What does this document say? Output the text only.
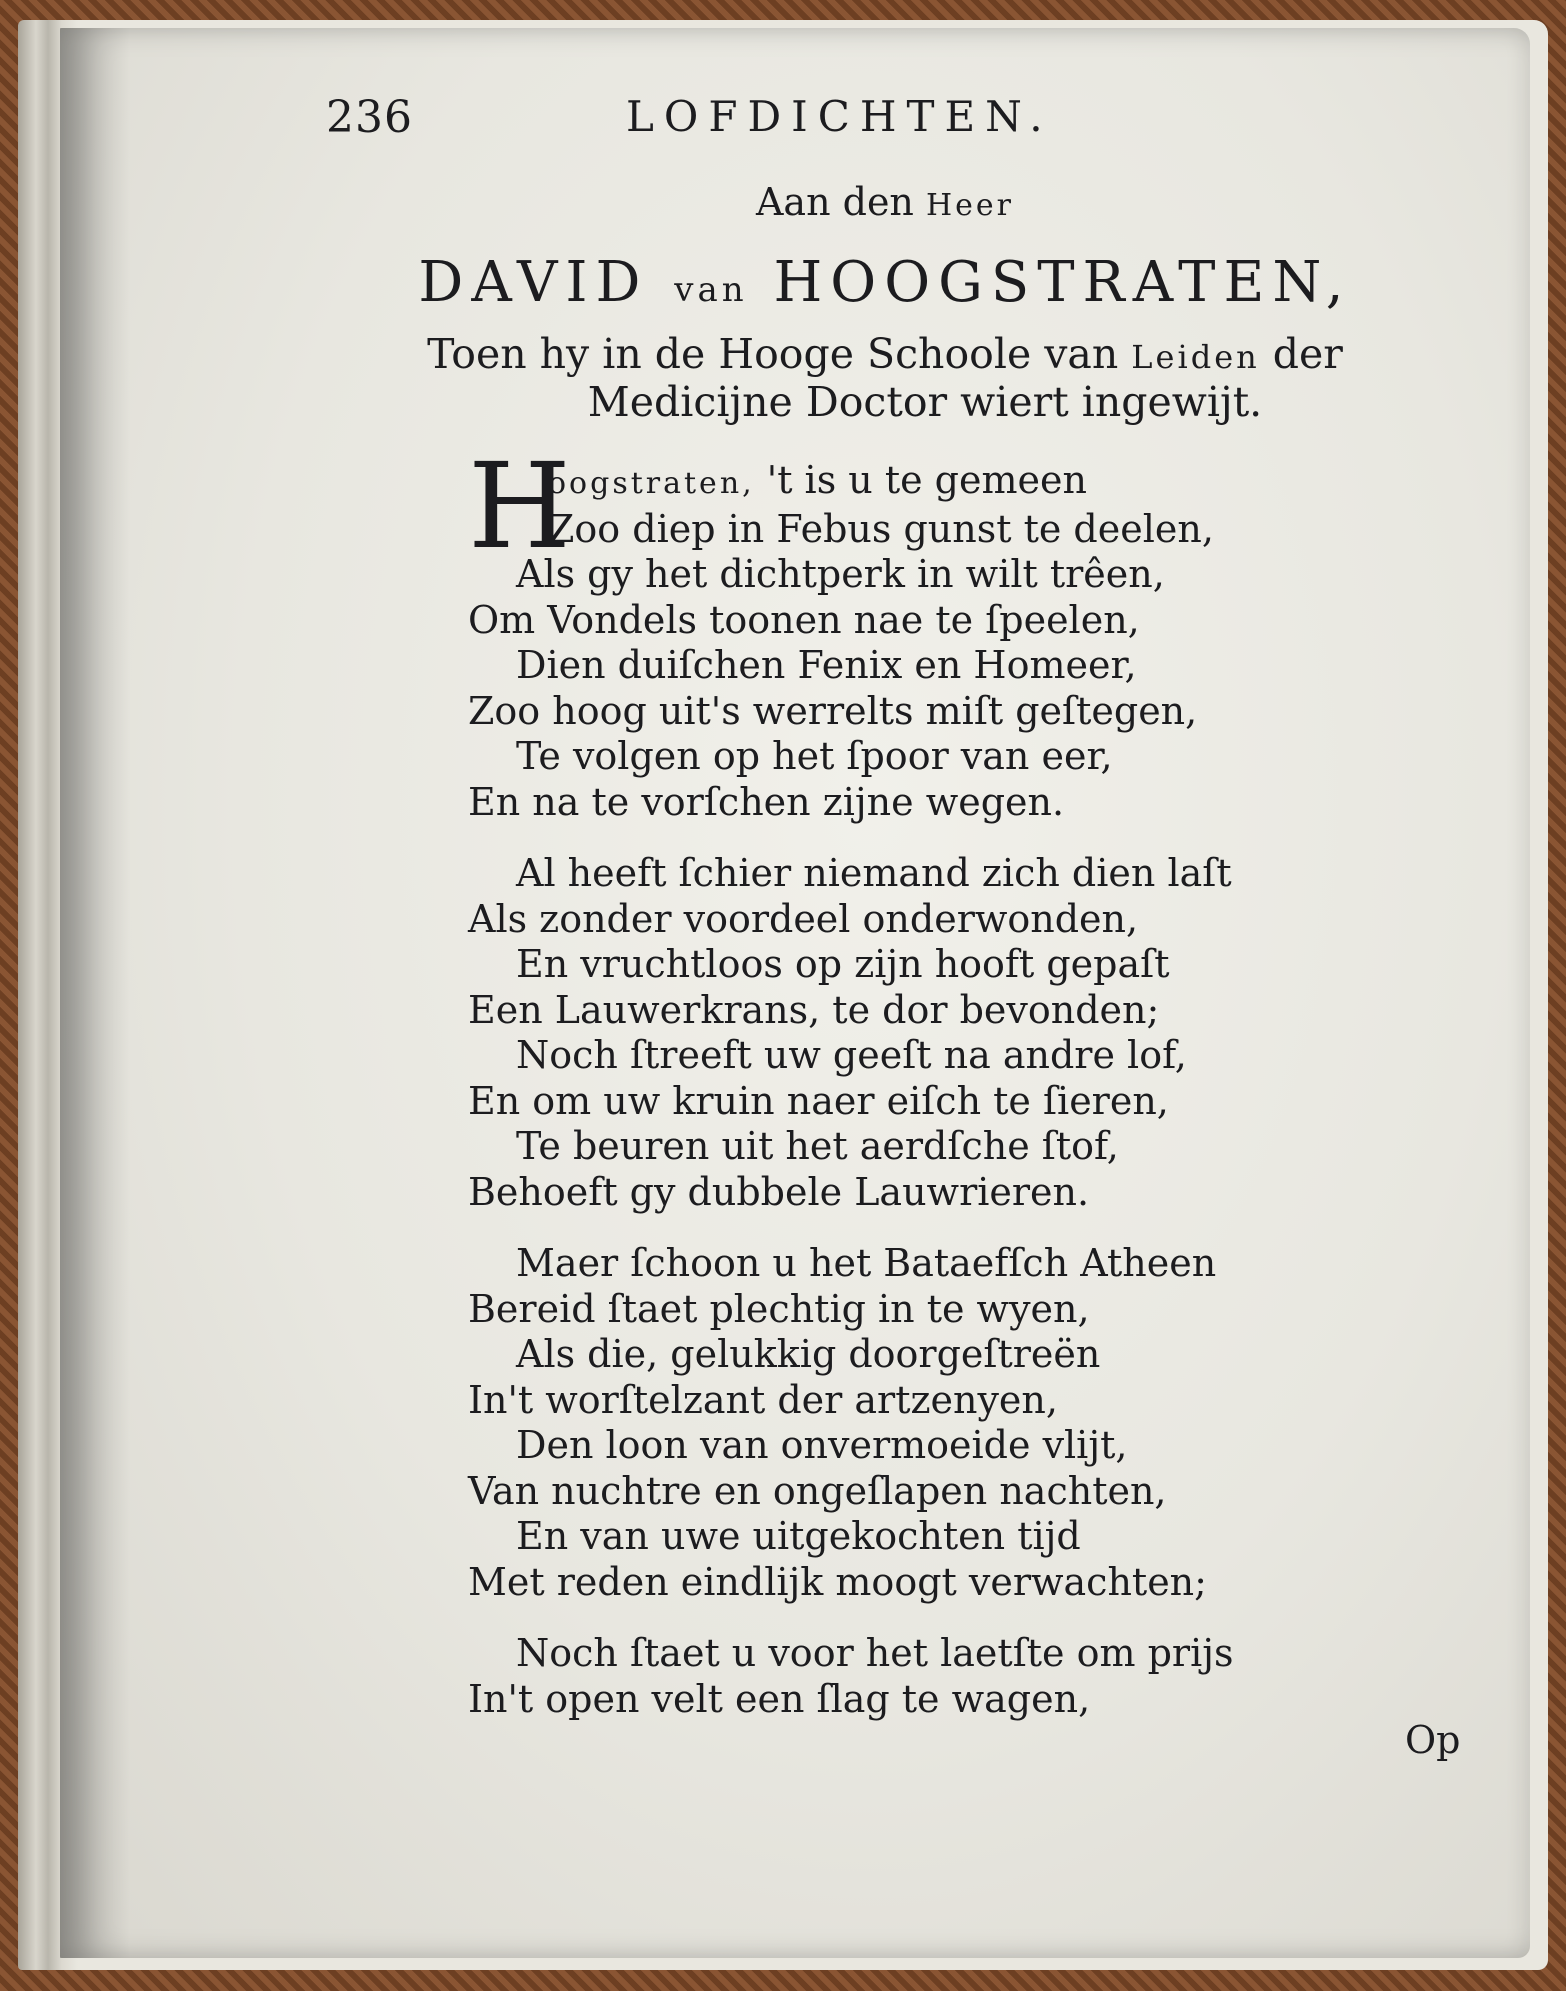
236	LOFDICHTEN.
Aan den Heer
DAVID van HOOGSTRATEN,
Toen hy in de Hooge Schoole van Leiden der
Medicijne Doctor wiert ingewijt.
H
oogstraten, 't is u te gemeen
Zoo diep in Febus gunst te deelen,
Als gy het dichtperk in wilt trêen,
Om Vondels toonen nae te ſpeelen,
Dien duiſchen Fenix en Homeer,
Zoo hoog uit's werrelts miſt geſtegen,
Te volgen op het ſpoor van eer,
En na te vorſchen zijne wegen.
Al heeft ſchier niemand zich dien laſt
Als zonder voordeel onderwonden,
En vruchtloos op zijn hooft gepaſt
Een Lauwerkrans, te dor bevonden;
Noch ſtreeft uw geeſt na andre lof,
En om uw kruin naer eiſch te ſieren,
Te beuren uit het aerdſche ſtof,
Behoeft gy dubbele Lauwrieren.
Maer ſchoon u het Bataefſch Atheen
Bereid ſtaet plechtig in te wyen,
Als die, gelukkig doorgeſtreën
In't worſtelzant der artzenyen,
Den loon van onvermoeide vlijt,
Van nuchtre en ongeſlapen nachten,
En van uwe uitgekochten tijd
Met reden eindlijk moogt verwachten;
Noch ſtaet u voor het laetſte om prijs
In't open velt een ſlag te wagen,
Op
